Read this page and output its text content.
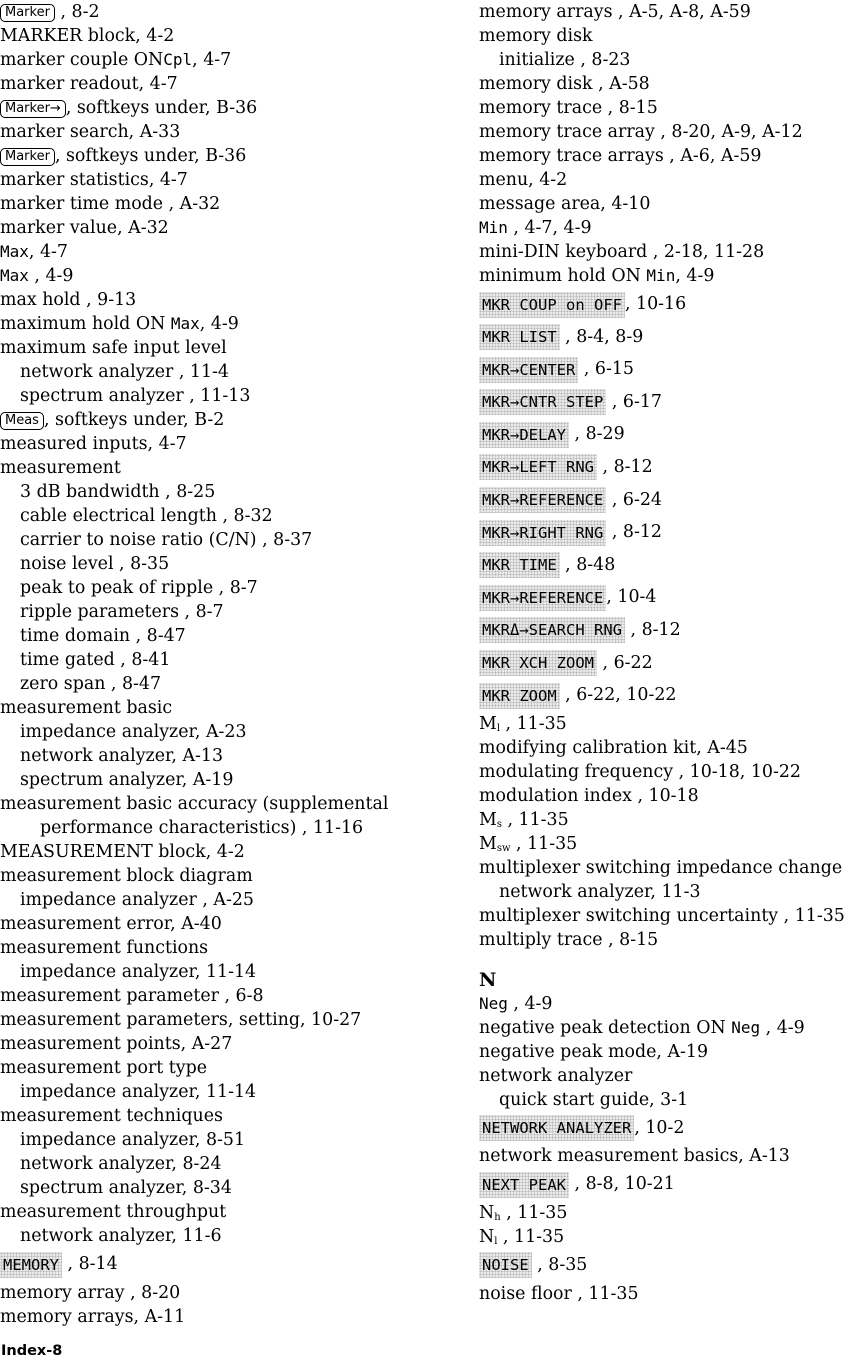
Marker , 8-2
MARKER block, 4-2
marker couple ONCpl, 4-7
marker readout, 4-7
Marker→ , softkeys under, B-36
marker search, A-33
Marker , softkeys under, B-36
marker statistics, 4-7
marker time mode , A-32
marker value, A-32
Max, 4-7
Max , 4-9
max hold , 9-13
maximum hold ON Max, 4-9
maximum safe input level
network analyzer , 11-4
spectrum analyzer , 11-13
Meas , softkeys under, B-2
measured inputs, 4-7
measurement
3 dB bandwidth , 8-25
cable electrical length , 8-32
carrier to noise ratio (C/N) , 8-37
noise level , 8-35
peak to peak of ripple , 8-7
ripple parameters , 8-7
time domain , 8-47
time gated , 8-41
zero span , 8-47
measurement basic
impedance analyzer, A-23
network analyzer, A-13
spectrum analyzer, A-19
measurement basic accuracy (supplemental
performance characteristics) , 11-16
MEASUREMENT block, 4-2
measurement block diagram
impedance analyzer , A-25
measurement error, A-40
measurement functions
impedance analyzer, 11-14
measurement parameter , 6-8
measurement parameters, setting, 10-27
measurement points, A-27
measurement port type
impedance analyzer, 11-14
measurement techniques
impedance analyzer, 8-51
network analyzer, 8-24
spectrum analyzer, 8-34
measurement throughput
network analyzer, 11-6
MEMORY , 8-14
memory array , 8-20
memory arrays, A-11
memory arrays , A-5, A-8, A-59
memory disk
initialize , 8-23
memory disk , A-58
memory trace , 8-15
memory trace array , 8-20, A-9, A-12
memory trace arrays , A-6, A-59
menu, 4-2
message area, 4-10
Min , 4-7, 4-9
mini-DIN keyboard , 2-18, 11-28
minimum hold ON Min, 4-9
MKR COUP on OFF , 10-16
MKR LIST , 8-4, 8-9
MKR→CENTER , 6-15
MKR→CNTR STEP , 6-17
MKR→DELAY , 8-29
MKR→LEFT RNG , 8-12
MKR→REFERENCE , 6-24
MKR→RIGHT RNG , 8-12
MKR TIME , 8-48
MKR→REFERENCE , 10-4
MKRΔ→SEARCH RNG , 8-12
MKR XCH ZOOM , 6-22
MKR ZOOM , 6-22, 10-22
$M_l$ , 11-35
modifying calibration kit, A-45
modulating frequency , 10-18, 10-22
modulation index , 10-18
$M_s$ , 11-35
$M_{sw}$ , 11-35
multiplexer switching impedance change
network analyzer, 11-3
multiplexer switching uncertainty , 11-35
multiply trace , 8-15
N
Neg , 4-9
negative peak detection ON Neg , 4-9
negative peak mode, A-19
network analyzer
quick start guide, 3-1
NETWORK ANALYZER , 10-2
network measurement basics, A-13
NEXT PEAK , 8-8, 10-21
$N_h$ , 11-35
$N_l$ , 11-35
NOISE , 8-35
noise floor , 11-35
Index-8
